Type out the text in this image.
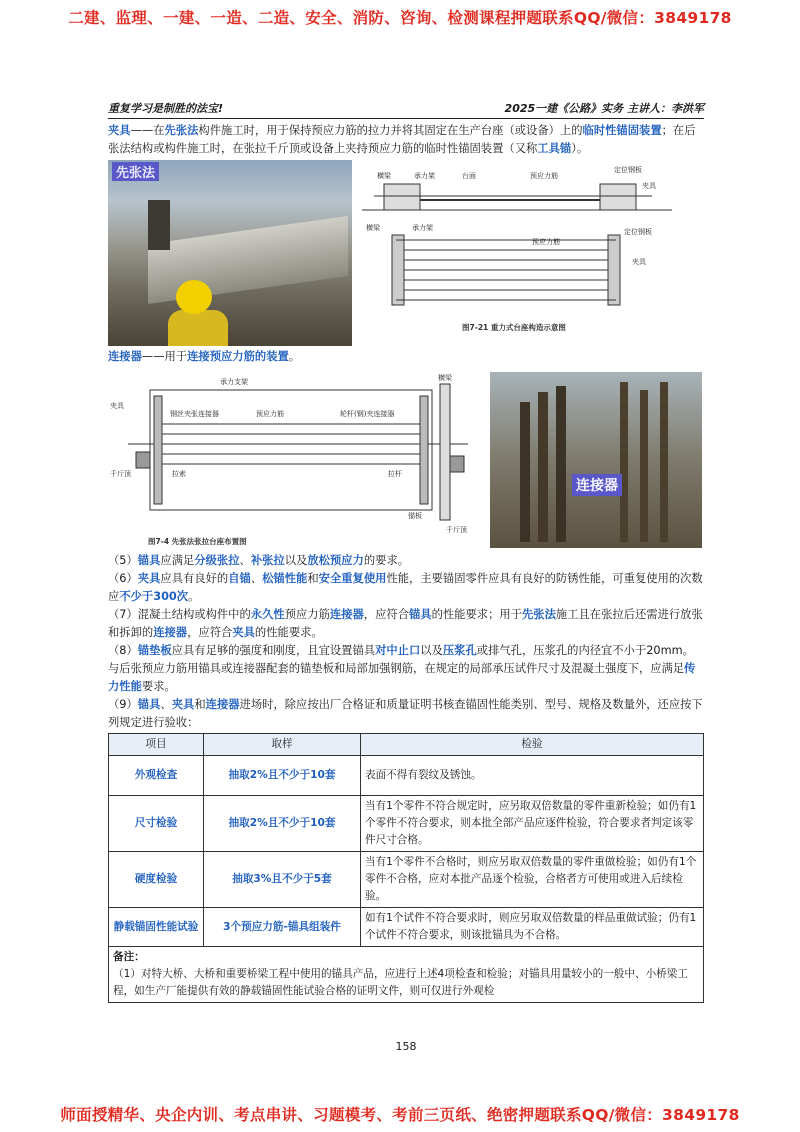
二建、监理、一建、一造、二造、安全、消防、咨询、检测课程押题联系QQ/微信：3849178
师面授精华、央企内训、考点串讲、习题模考、考前三页纸、绝密押题联系QQ/微信：3849178
重复学习是制胜的法宝!	2025一建《公路》实务 主讲人：李洪军

夹具——在先张法构件施工时，用于保持预应力筋的拉力并将其固定在生产台座（或设备）上的临时性锚固装置；在后张法结构或构件施工时，在张拉千斤顶或设备上夹持预应力筋的临时性锚固装置（又称工具锚）。

先张法	横梁	承力架	台面	预应力筋
定位钢板
夹具
横梁	承力架
预应力筋
定位钢板
夹具
图7-21 重力式台座构造示意图

连接器——用于连接预应力筋的装置。

承力支架	横梁
夹具
钢丝夹张连接器	预应力筋	轮杆(钢)夹连接器
千斤顶	拉索	拉杆
锚板
千斤顶
图7-4 先张法张拉台座布置图
连接器

（5）锚具应满足分级张拉、补张拉以及放松预应力的要求。

（6）夹具应具有良好的自锚、松锚性能和安全重复使用性能，主要锚固零件应具有良好的防锈性能，可重复使用的次数应不少于300次。

（7）混凝土结构或构件中的永久性预应力筋连接器，应符合锚具的性能要求；用于先张法施工且在张拉后还需进行放张和拆卸的连接器，应符合夹具的性能要求。

（8）锚垫板应具有足够的强度和刚度，且宜设置锚具对中止口以及压浆孔或排气孔，压浆孔的内径宜不小于20mm。与后张预应力筋用锚具或连接器配套的锚垫板和局部加强钢筋，在规定的局部承压试件尺寸及混凝土强度下，应满足传力性能要求。

（9）锚具、夹具和连接器进场时，除应按出厂合格证和质量证明书核查锚固性能类别、型号、规格及数量外，还应按下列规定进行验收：

项目	取样	检验
外观检查	抽取2%且不少于10套	表面不得有裂纹及锈蚀。
尺寸检验	抽取2%且不少于10套	当有1个零件不符合规定时，应另取双倍数量的零件重新检验；如仍有1个零件不符合要求，则本批全部产品应逐件检验，符合要求者判定该零件尺寸合格。
硬度检验	抽取3%且不少于5套	当有1个零件不合格时，则应另取双倍数量的零件重做检验；如仍有1个零件不合格，应对本批产品逐个检验，合格者方可使用或进入后续检验。
静载锚固性能试验	3个预应力筋-锚具组装件	如有1个试件不符合要求时，则应另取双倍数量的样品重做试验；仍有1个试件不符合要求，则该批锚具为不合格。

备注：
（1）对特大桥、大桥和重要桥梁工程中使用的锚具产品，应进行上述4项检查和检验；对锚具用量较小的一般中、小桥梁工程，如生产厂能提供有效的静载锚固性能试验合格的证明文件，则可仅进行外观检		
158
